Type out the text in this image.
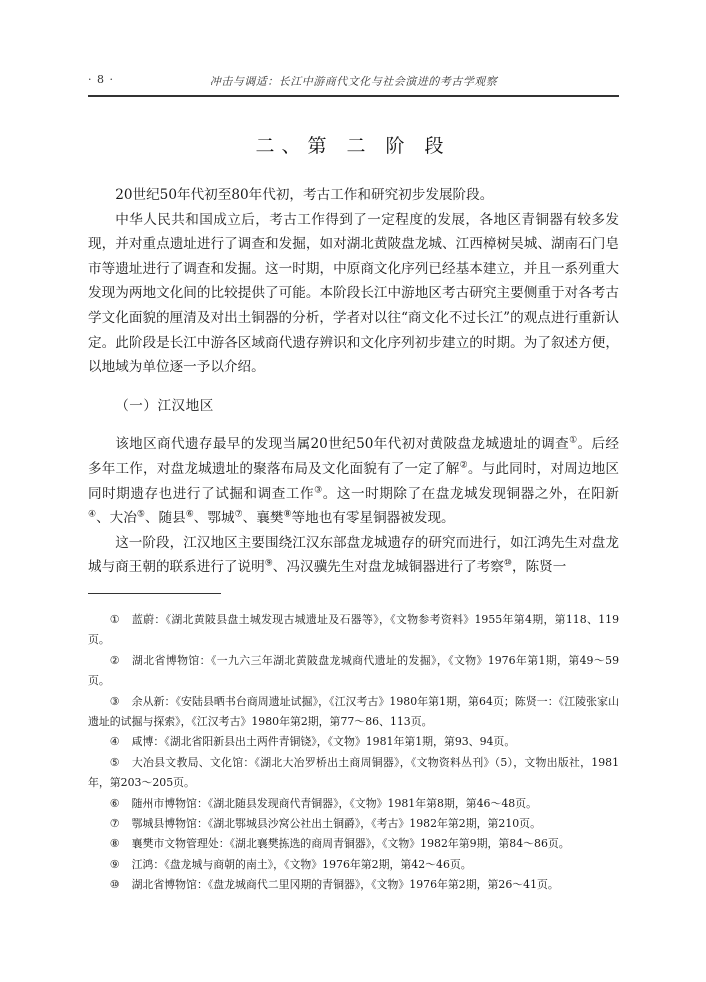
· 8 ·	冲击与调适：长江中游商代文化与社会演进的考古学观察
二、第 二 阶 段

20世纪50年代初至80年代初，考古工作和研究初步发展阶段。

中华人民共和国成立后，考古工作得到了一定程度的发展，各地区青铜器有较多发现，并对重点遗址进行了调查和发掘，如对湖北黄陂盘龙城、江西樟树吴城、湖南石门皂市等遗址进行了调查和发掘。这一时期，中原商文化序列已经基本建立，并且一系列重大发现为两地文化间的比较提供了可能。本阶段长江中游地区考古研究主要侧重于对各考古学文化面貌的厘清及对出土铜器的分析，学者对以往“商文化不过长江”的观点进行重新认定。此阶段是长江中游各区域商代遗存辨识和文化序列初步建立的时期。为了叙述方便，以地域为单位逐一予以介绍。

（一）江汉地区

该地区商代遗存最早的发现当属20世纪50年代初对黄陂盘龙城遗址的调查①。后经多年工作，对盘龙城遗址的聚落布局及文化面貌有了一定了解②。与此同时，对周边地区同时期遗存也进行了试掘和调查工作③。这一时期除了在盘龙城发现铜器之外，在阳新④、大冶⑤、随县⑥、鄂城⑦、襄樊⑧等地也有零星铜器被发现。

这一阶段，江汉地区主要围绕江汉东部盘龙城遗存的研究而进行，如江鸿先生对盘龙城与商王朝的联系进行了说明⑨、冯汉骥先生对盘龙城铜器进行了考察⑩，陈贤一

① 蓝蔚：《湖北黄陂县盘土城发现古城遗址及石器等》，《文物参考资料》1955年第4期，第118、119页。

② 湖北省博物馆：《一九六三年湖北黄陂盘龙城商代遗址的发掘》，《文物》1976年第1期，第49～59页。

③ 余从新：《安陆县晒书台商周遗址试掘》，《江汉考古》1980年第1期，第64页；陈贤一：《江陵张家山遗址的试掘与探索》，《江汉考古》1980年第2期，第77～86、113页。

④ 咸博：《湖北省阳新县出土两件青铜铙》，《文物》1981年第1期，第93、94页。

⑤ 大冶县文教局、文化馆：《湖北大冶罗桥出土商周铜器》，《文物资料丛刊》（5），文物出版社，1981年，第203～205页。

⑥ 随州市博物馆：《湖北随县发现商代青铜器》，《文物》1981年第8期，第46～48页。

⑦ 鄂城县博物馆：《湖北鄂城县沙窝公社出土铜爵》，《考古》1982年第2期，第210页。

⑧ 襄樊市文物管理处：《湖北襄樊拣选的商周青铜器》，《文物》1982年第9期，第84～86页。

⑨ 江鸿：《盘龙城与商朝的南土》，《文物》1976年第2期，第42～46页。

⑩ 湖北省博物馆：《盘龙城商代二里冈期的青铜器》，《文物》1976年第2期，第26～41页。
